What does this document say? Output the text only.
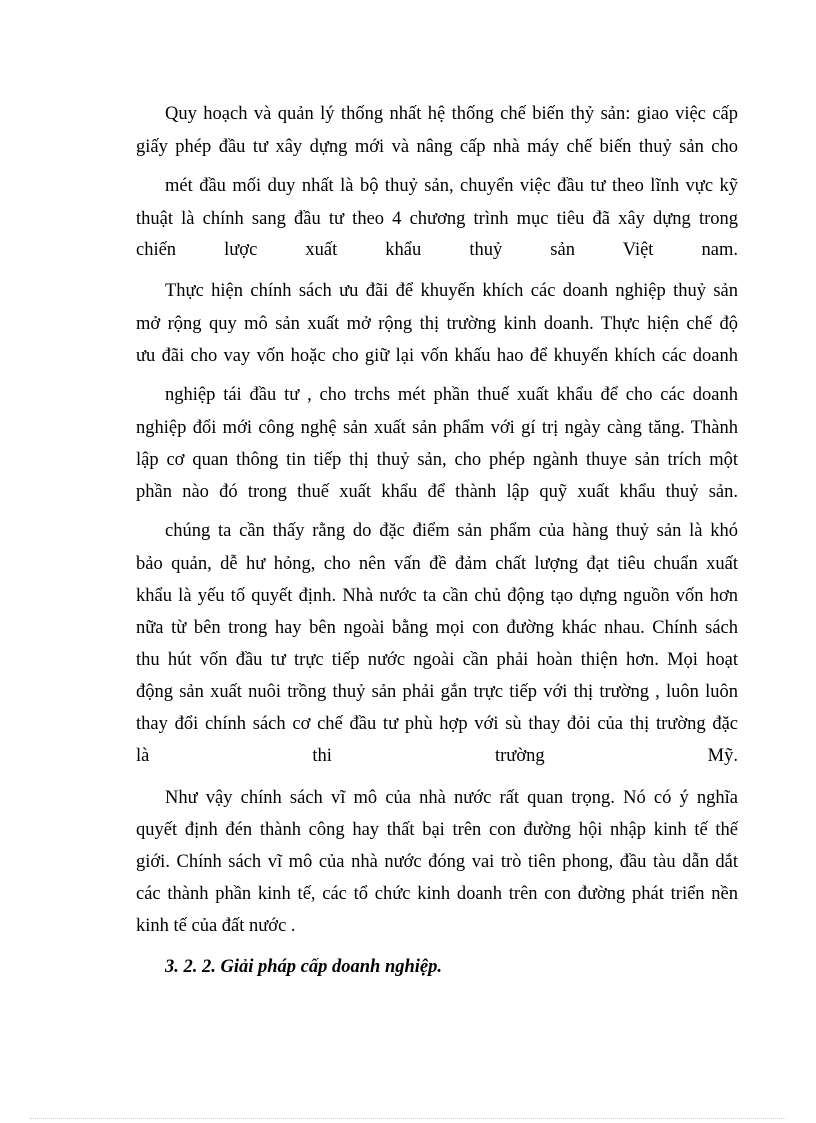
Quy hoạch và quản lý thống nhất hệ thống chế biến thỷ sản: giao việc cấp
giấy phép đầu tư xây dựng mới và nâng cấp nhà máy chế biến thuỷ sản cho
mét đầu mối duy nhất là bộ thuỷ sản, chuyển việc đầu tư theo lĩnh vực kỹ
thuật là chính sang đầu tư theo 4 chương trình mục tiêu đã xây dựng trong
chiến lược xuất khẩu thuỷ sản Việt nam.
Thực hiện chính sách ưu đãi để khuyến khích các doanh nghiệp thuỷ sản
mở rộng quy mô sản xuất mở rộng thị trường kinh doanh. Thực hiện chế độ
ưu đãi cho vay vốn hoặc cho giữ lại vốn khấu hao để khuyến khích các doanh
nghiệp tái đầu tư , cho trchs mét phần thuế xuất khẩu để cho các doanh
nghiệp đổi mới công nghệ sản xuất sản phẩm với gí trị ngày càng tăng. Thành
lập cơ quan thông tin tiếp thị thuỷ sản, cho phép ngành thuye sản trích một
phần nào đó trong thuế xuất khẩu để thành lập quỹ xuất khẩu thuỷ sản.
chúng ta cần thấy rằng do đặc điểm sản phẩm của hàng thuỷ sản là khó
bảo quản, dễ hư hỏng, cho nên vấn đề đảm chất lượng đạt tiêu chuẩn xuất
khẩu là yếu tố quyết định. Nhà nước ta cần chủ động tạo dựng nguồn vốn hơn
nữa từ bên trong hay bên ngoài bằng mọi con đường khác nhau. Chính sách
thu hút vốn đầu tư trực tiếp nước ngoài cần phải hoàn thiện hơn. Mọi hoạt
động sản xuất nuôi trồng thuỷ sản phải gắn trực tiếp với thị trường , luôn luôn
thay đổi chính sách cơ chế đầu tư phù hợp với sù thay đỏi của thị trường đặc
là thi trường Mỹ.
Như vậy chính sách vĩ mô của nhà nước rất quan trọng. Nó có ý nghĩa
quyết định đén thành công hay thất bại trên con đường hội nhập kinh tế thế
giới. Chính sách vĩ mô của nhà nước đóng vai trò tiên phong, đầu tàu dẫn dắt
các thành phần kinh tế, các tổ chức kinh doanh trên con đường phát triển nền
kinh tế của đất nước .
3. 2. 2. Giải pháp cấp doanh nghiệp.
